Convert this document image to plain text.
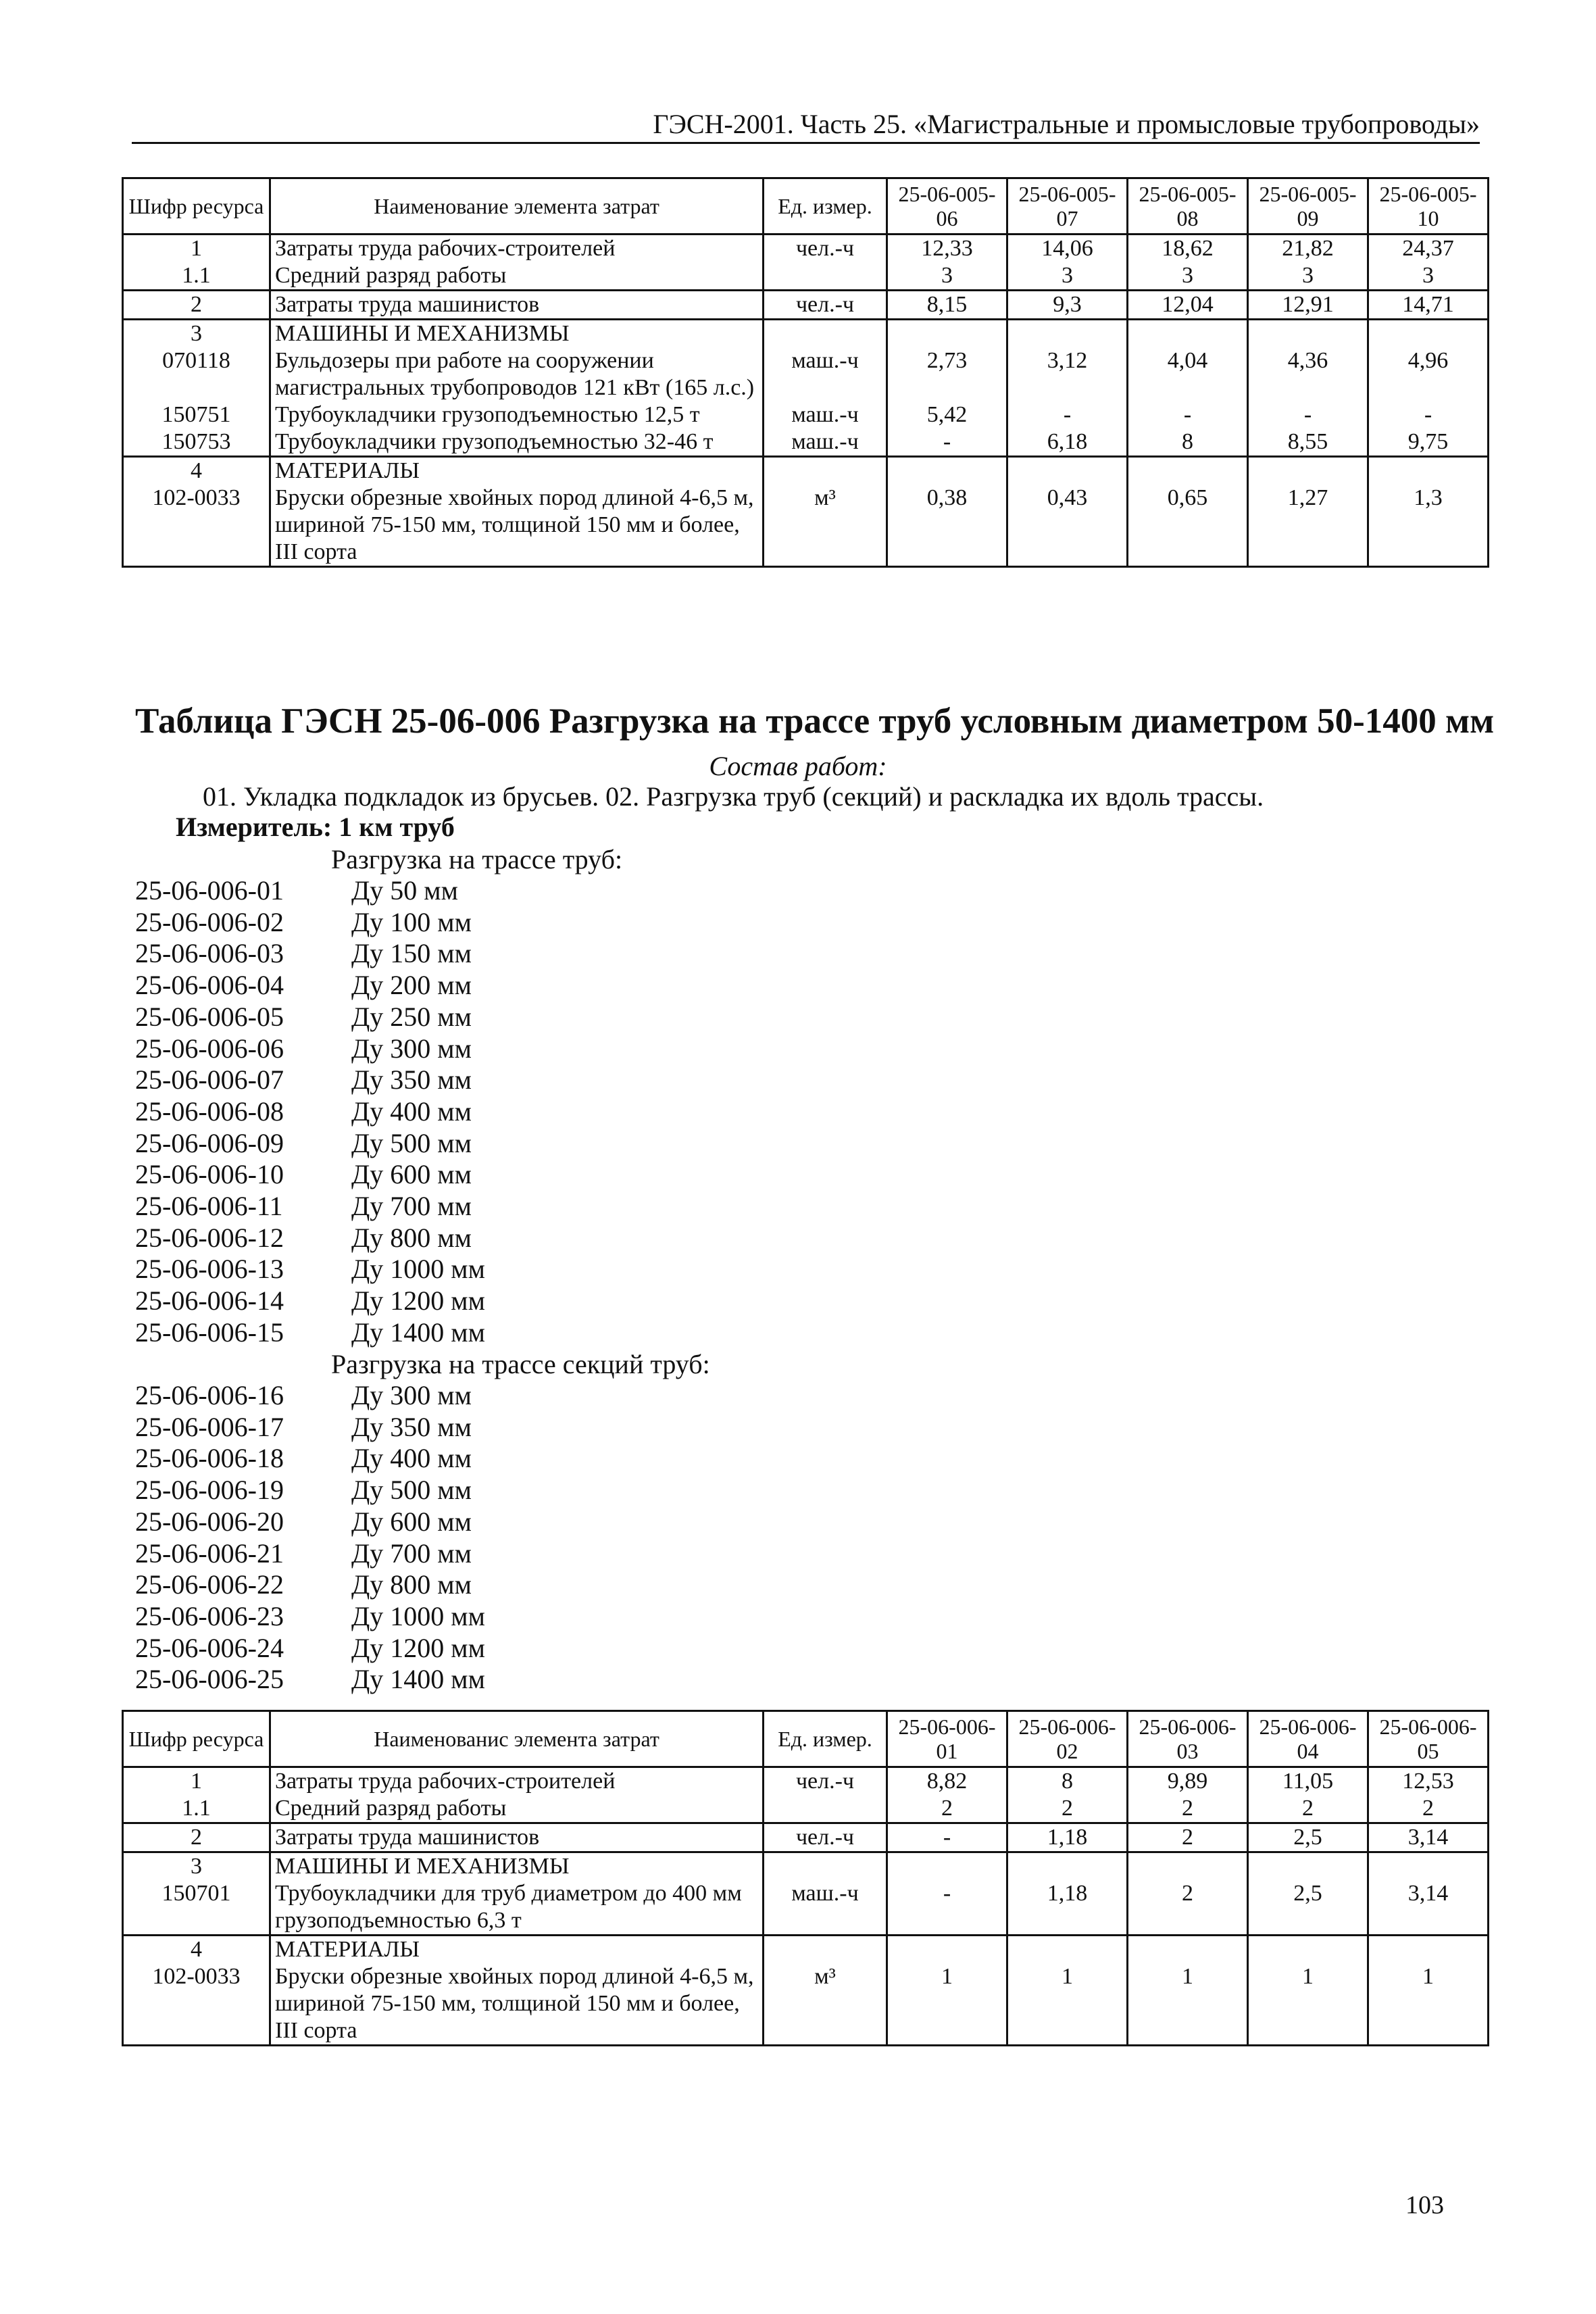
ГЭСН-2001. Часть 25. «Магистральные и промысловые трубопроводы»
Шифр ресурса	Наименование элемента затрат	Ед. измер.	25-06-005-06	25-06-005-07	25-06-005-08	25-06-005-09	25-06-005-10
1	Затраты труда рабочих-строителей	чел.-ч	12,33	14,06	18,62	21,82	24,37
1.1	Средний разряд работы		3	3	3	3	3
2	Затраты труда машинистов	чел.-ч	8,15	9,3	12,04	12,91	14,71
3	МАШИНЫ И МЕХАНИЗМЫ						
070118	Бульдозеры при работе на сооружении магистральных трубопроводов 121 кВт (165 л.с.)	маш.-ч	2,73	3,12	4,04	4,36	4,96
150751	Трубоукладчики грузоподъемностью 12,5 т	маш.-ч	5,42	-	-	-	-
150753	Трубоукладчики грузоподъемностью 32-46 т	маш.-ч	-	6,18	8	8,55	9,75
4	МАТЕРИАЛЫ						
102-0033	Бруски обрезные хвойных пород длиной 4-6,5 м, шириной 75-150 мм, толщиной 150 мм и более, III сорта	м³	0,38	0,43	0,65	1,27	1,3
Таблица ГЭСН 25-06-006 Разгрузка на трассе труб условным диаметром 50-1400 мм
Состав работ:
01. Укладка подкладок из брусьев. 02. Разгрузка труб (секций) и раскладка их вдоль трассы.
Измеритель: 1 км труб
Разгрузка на трассе труб:
25-06-006-01	Ду 50 мм
25-06-006-02	Ду 100 мм
25-06-006-03	Ду 150 мм
25-06-006-04	Ду 200 мм
25-06-006-05	Ду 250 мм
25-06-006-06	Ду 300 мм
25-06-006-07	Ду 350 мм
25-06-006-08	Ду 400 мм
25-06-006-09	Ду 500 мм
25-06-006-10	Ду 600 мм
25-06-006-11	Ду 700 мм
25-06-006-12	Ду 800 мм
25-06-006-13	Ду 1000 мм
25-06-006-14	Ду 1200 мм
25-06-006-15	Ду 1400 мм
Разгрузка на трассе секций труб:
25-06-006-16	Ду 300 мм
25-06-006-17	Ду 350 мм
25-06-006-18	Ду 400 мм
25-06-006-19	Ду 500 мм
25-06-006-20	Ду 600 мм
25-06-006-21	Ду 700 мм
25-06-006-22	Ду 800 мм
25-06-006-23	Ду 1000 мм
25-06-006-24	Ду 1200 мм
25-06-006-25	Ду 1400 мм
Шифр ресурса	Наименованис элемента затрат	Ед. измер.	25-06-006-01	25-06-006-02	25-06-006-03	25-06-006-04	25-06-006-05
1	Затраты труда рабочих-строителей	чел.-ч	8,82	8	9,89	11,05	12,53
1.1	Средний разряд работы		2	2	2	2	2
2	Затраты труда машинистов	чел.-ч	-	1,18	2	2,5	3,14
3	МАШИНЫ И МЕХАНИЗМЫ						
150701	Трубоукладчики для труб диаметром до 400 мм грузоподъемностью 6,3 т	маш.-ч	-	1,18	2	2,5	3,14
4	МАТЕРИАЛЫ						
102-0033	Бруски обрезные хвойных пород длиной 4-6,5 м, шириной 75-150 мм, толщиной 150 мм и более, III сорта	м³	1	1	1	1	1
103
